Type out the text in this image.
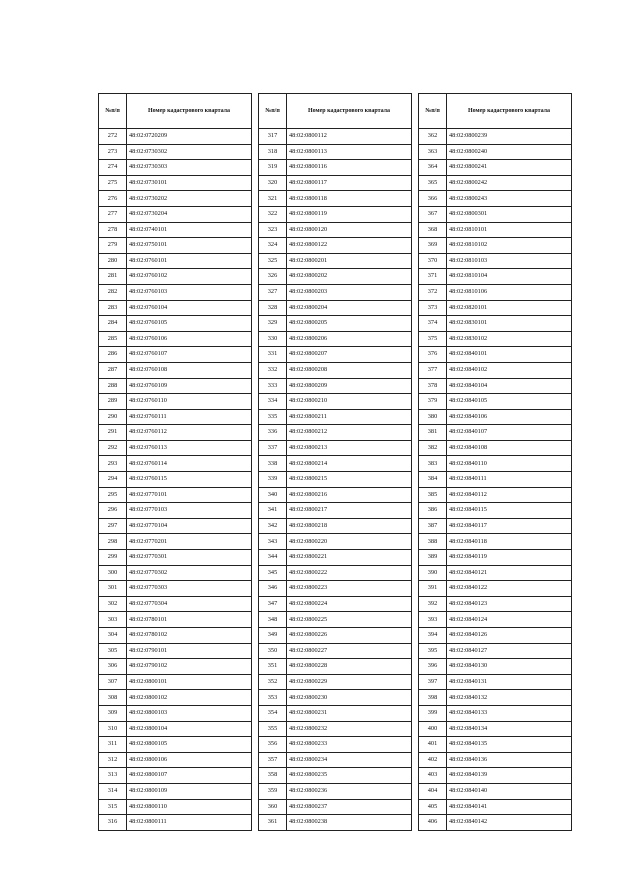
№п/п	Номер кадастрового квартала
272	48:02:0720209
273	48:02:0730302
274	48:02:0730303
275	48:02:0730101
276	48:02:0730202
277	48:02:0730204
278	48:02:0740101
279	48:02:0750101
280	48:02:0760101
281	48:02:0760102
282	48:02:0760103
283	48:02:0760104
284	48:02:0760105
285	48:02:0760106
286	48:02:0760107
287	48:02:0760108
288	48:02:0760109
289	48:02:0760110
290	48:02:0760111
291	48:02:0760112
292	48:02:0760113
293	48:02:0760114
294	48:02:0760115
295	48:02:0770101
296	48:02:0770103
297	48:02:0770104
298	48:02:0770201
299	48:02:0770301
300	48:02:0770302
301	48:02:0770303
302	48:02:0770304
303	48:02:0780101
304	48:02:0780102
305	48:02:0790101
306	48:02:0790102
307	48:02:0800101
308	48:02:0800102
309	48:02:0800103
310	48:02:0800104
311	48:02:0800105
312	48:02:0800106
313	48:02:0800107
314	48:02:0800109
315	48:02:0800110
316	48:02:0800111
№п/п	Номер кадастрового квартала
317	48:02:0800112
318	48:02:0800113
319	48:02:0800116
320	48:02:0800117
321	48:02:0800118
322	48:02:0800119
323	48:02:0800120
324	48:02:0800122
325	48:02:0800201
326	48:02:0800202
327	48:02:0800203
328	48:02:0800204
329	48:02:0800205
330	48:02:0800206
331	48:02:0800207
332	48:02:0800208
333	48:02:0800209
334	48:02:0800210
335	48:02:0800211
336	48:02:0800212
337	48:02:0800213
338	48:02:0800214
339	48:02:0800215
340	48:02:0800216
341	48:02:0800217
342	48:02:0800218
343	48:02:0800220
344	48:02:0800221
345	48:02:0800222
346	48:02:0800223
347	48:02:0800224
348	48:02:0800225
349	48:02:0800226
350	48:02:0800227
351	48:02:0800228
352	48:02:0800229
353	48:02:0800230
354	48:02:0800231
355	48:02:0800232
356	48:02:0800233
357	48:02:0800234
358	48:02:0800235
359	48:02:0800236
360	48:02:0800237
361	48:02:0800238
№п/п	Номер кадастрового квартала
362	48:02:0800239
363	48:02:0800240
364	48:02:0800241
365	48:02:0800242
366	48:02:0800243
367	48:02:0800301
368	48:02:0810101
369	48:02:0810102
370	48:02:0810103
371	48:02:0810104
372	48:02:0810106
373	48:02:0820101
374	48:02:0830101
375	48:02:0830102
376	48:02:0840101
377	48:02:0840102
378	48:02:0840104
379	48:02:0840105
380	48:02:0840106
381	48:02:0840107
382	48:02:0840108
383	48:02:0840110
384	48:02:0840111
385	48:02:0840112
386	48:02:0840115
387	48:02:0840117
388	48:02:0840118
389	48:02:0840119
390	48:02:0840121
391	48:02:0840122
392	48:02:0840123
393	48:02:0840124
394	48:02:0840126
395	48:02:0840127
396	48:02:0840130
397	48:02:0840131
398	48:02:0840132
399	48:02:0840133
400	48:02:0840134
401	48:02:0840135
402	48:02:0840136
403	48:02:0840139
404	48:02:0840140
405	48:02:0840141
406	48:02:0840142
